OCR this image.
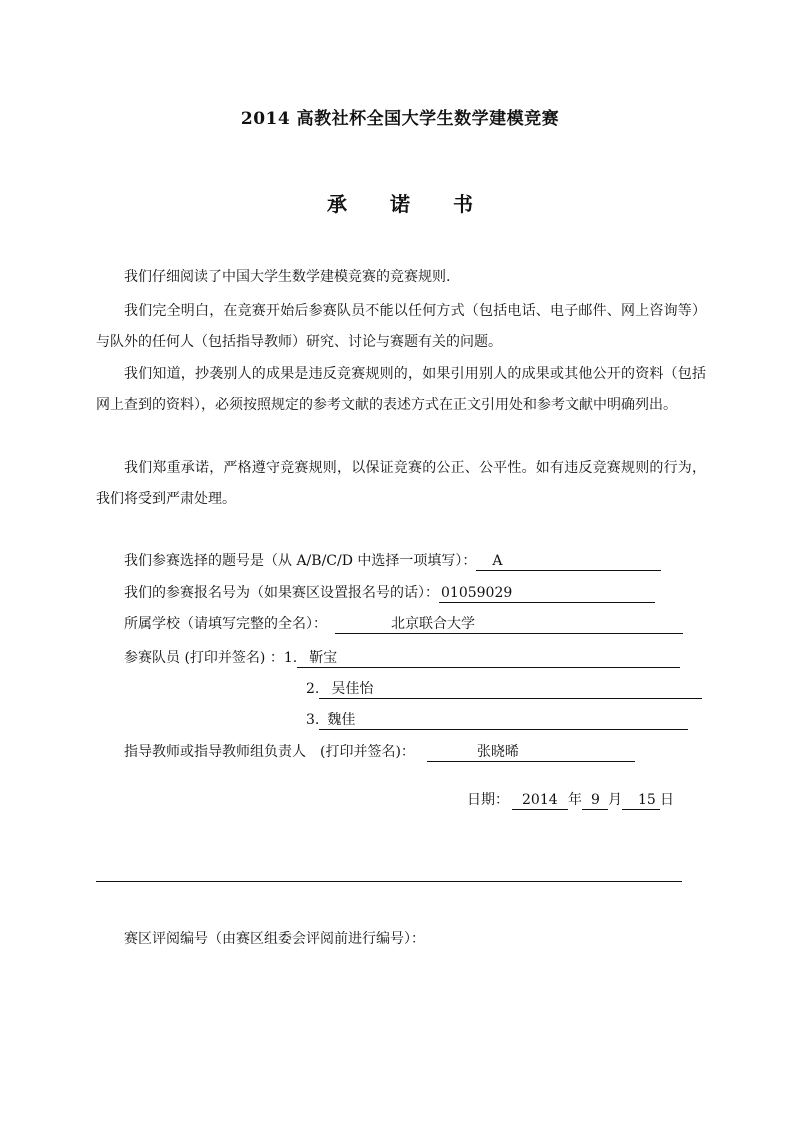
2014 高教社杯全国大学生数学建模竞赛
承 诺 书
我们仔细阅读了中国大学生数学建模竞赛的竞赛规则.
我们完全明白，在竞赛开始后参赛队员不能以任何方式（包括电话、电子邮件、网上咨询等）与队外的任何人（包括指导教师）研究、讨论与赛题有关的问题。
我们知道，抄袭别人的成果是违反竞赛规则的，如果引用别人的成果或其他公开的资料（包括网上查到的资料），必须按照规定的参考文献的表述方式在正文引用处和参考文献中明确列出。
我们郑重承诺，严格遵守竞赛规则，以保证竞赛的公正、公平性。如有违反竞赛规则的行为，我们将受到严肃处理。
我们参赛选择的题号是（从 A/B/C/D 中选择一项填写）： A
我们的参赛报名号为（如果赛区设置报名号的话）： 01059029
所属学校（请填写完整的全名）：	北京联合大学
参赛队员 (打印并签名) ：1. 靳宝
2. 吴佳怡
3. 魏佳
指导教师或指导教师组负责人　(打印并签名)：	张晓晞
日期： 2014 年 9 月 15 日
赛区评阅编号（由赛区组委会评阅前进行编号）：
